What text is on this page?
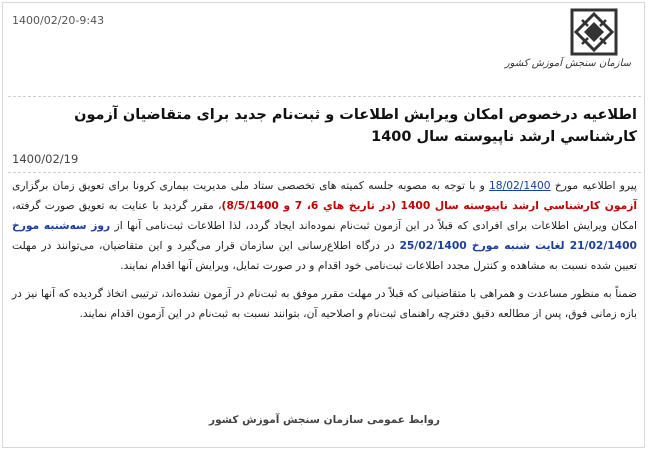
1400/02/20-9:43
سازمان سنجش آموزش کشور
اطلاعیه درخصوص امکان ویرایش اطلاعات و ثبت‌نام جدید برای متقاضیان آزمون کارشناسي ارشد ناپيوسته سال 1400
1400/02/19

پیرو اطلاعیه مورخ 18/02/1400 و با توجه به مصوبه جلسه کمیته های تخصصی ستاد ملی مدیریت بیماری کرونا برای تعویق زمان برگزاری آزمون کارشناسي ارشد ناپيوسته سال 1400 (در تاريخ هاي 6، 7 و 8/5/1400)، مقرر گردید با عنایت به تعویق صورت گرفته، امکان ویرایش اطلاعات برای افرادی که قبلاً در این آزمون ثبت‌نام نموده‌اند ایجاد گردد، لذا اطلاعات ثبت‌نامی آنها از روز سه‌شنبه مورخ 21/02/1400 لغایت شنبه مورخ 25/02/1400 در درگاه اطلاع‌رسانی این سازمان قرار می‌گیرد و این متقاضیان، می‌توانند در مهلت تعیین شده نسبت به مشاهده و کنترل مجدد اطلاعات ثبت‌نامی خود اقدام و در صورت تمایل، ویرایش آنها اقدام نمایند.

ضمناً به منظور مساعدت و همراهی با متقاضیانی که قبلاً در مهلت مقرر موفق به ثبت‌نام در آزمون نشده‌اند، ترتیبی اتخاذ گردیده که آنها نیز در بازه زمانی فوق، پس از مطالعه دقیق دفترچه راهنمای ثبت‌نام و اصلاحیه آن، بتوانند نسبت به ثبت‌نام در این آزمون اقدام نمایند.

روابط عمومی سازمان سنجش آموزش کشور
